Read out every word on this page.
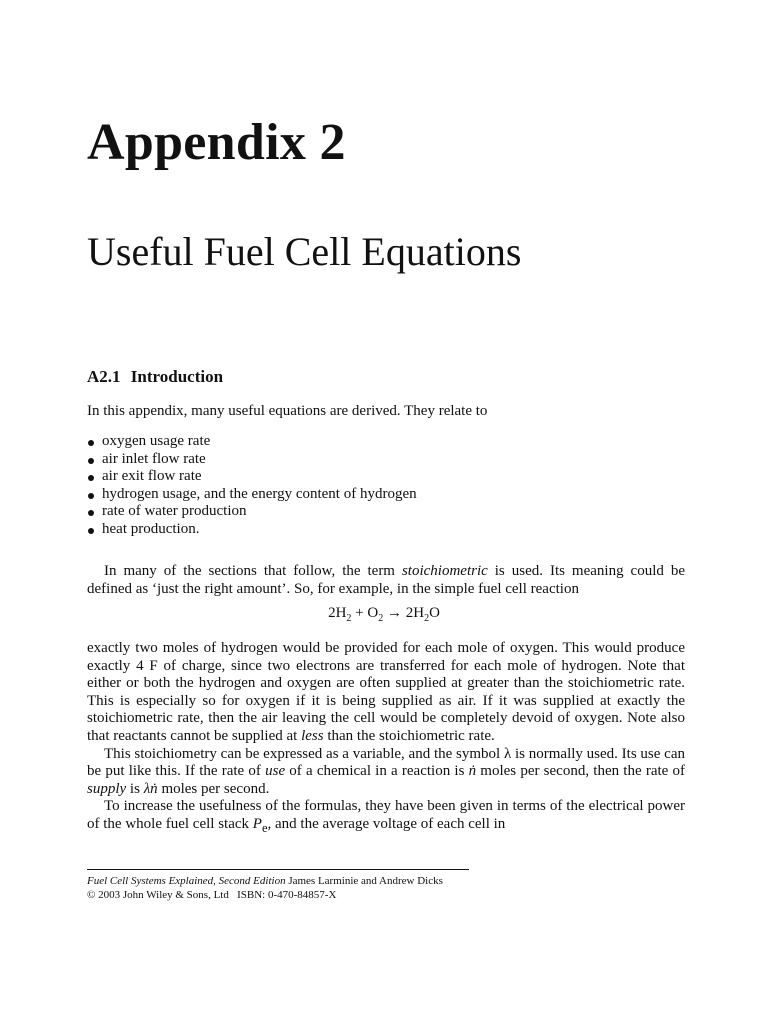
Appendix 2
Useful Fuel Cell Equations
A2.1 Introduction
In this appendix, many useful equations are derived. They relate to
oxygen usage rate
air inlet flow rate
air exit flow rate
hydrogen usage, and the energy content of hydrogen
rate of water production
heat production.

In many of the sections that follow, the term stoichiometric is used. Its meaning could be defined as ‘just the right amount’. So, for example, in the simple fuel cell reaction

$2H_2 + O_2 \to 2H_2O$

exactly two moles of hydrogen would be provided for each mole of oxygen. This would produce exactly 4 F of charge, since two electrons are transferred for each mole of hydrogen. Note that either or both the hydrogen and oxygen are often supplied at greater than the stoichiometric rate. This is especially so for oxygen if it is being supplied as air. If it was supplied at exactly the stoichiometric rate, then the air leaving the cell would be completely devoid of oxygen. Note also that reactants cannot be supplied at less than the stoichiometric rate.

This stoichiometry can be expressed as a variable, and the symbol λ is normally used. Its use can be put like this. If the rate of use of a chemical in a reaction is ṅ moles per second, then the rate of supply is λṅ moles per second.

To increase the usefulness of the formulas, they have been given in terms of the electrical power of the whole fuel cell stack $P_e$, and the average voltage of each cell in

Fuel Cell Systems Explained, Second Edition James Larminie and Andrew Dicks
© 2003 John Wiley & Sons, Ltd ISBN: 0-470-84857-X
